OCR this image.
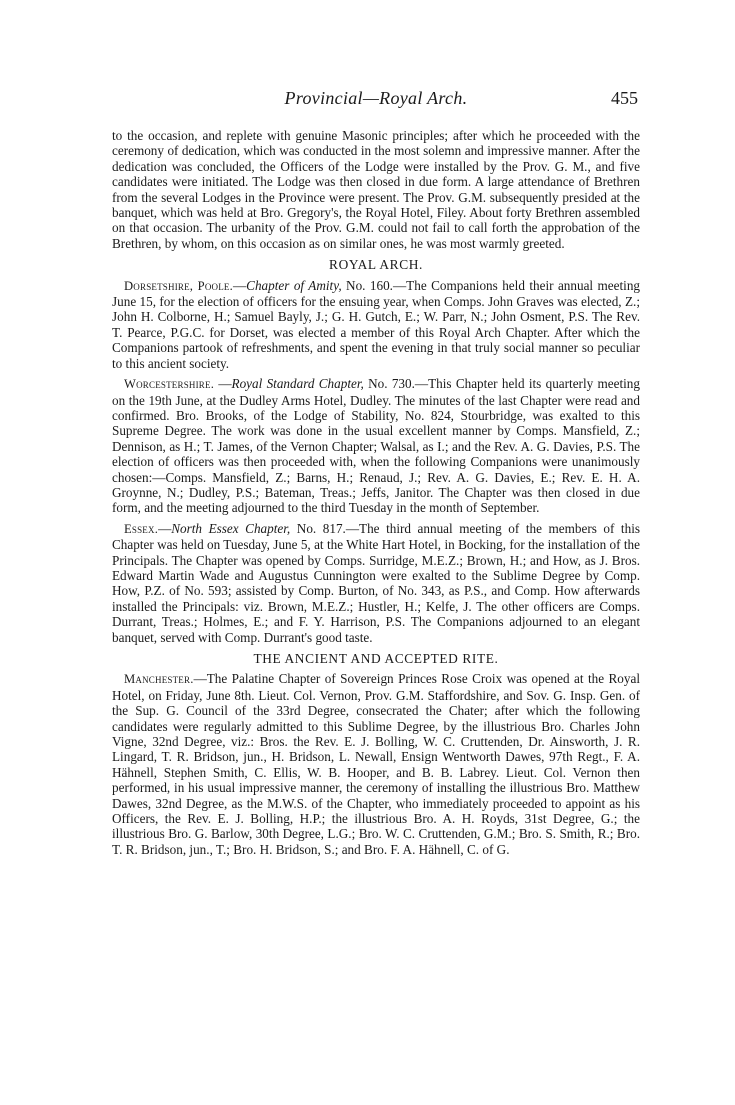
Provincial—Royal Arch.	455

to the occasion, and replete with genuine Masonic principles; after which he proceeded with the ceremony of dedication, which was conducted in the most solemn and impressive manner. After the dedication was concluded, the Officers of the Lodge were installed by the Prov. G. M., and five candidates were initiated. The Lodge was then closed in due form. A large attendance of Brethren from the several Lodges in the Province were present. The Prov. G.M. subsequently presided at the banquet, which was held at Bro. Gregory's, the Royal Hotel, Filey. About forty Brethren assembled on that occasion. The urbanity of the Prov. G.M. could not fail to call forth the approbation of the Brethren, by whom, on this occasion as on similar ones, he was most warmly greeted.

ROYAL ARCH.

Dorsetshire, Poole.—Chapter of Amity, No. 160.—The Companions held their annual meeting June 15, for the election of officers for the ensuing year, when Comps. John Graves was elected, Z.; John H. Colborne, H.; Samuel Bayly, J.; G. H. Gutch, E.; W. Parr, N.; John Osment, P.S. The Rev. T. Pearce, P.G.C. for Dorset, was elected a member of this Royal Arch Chapter. After which the Companions partook of refreshments, and spent the evening in that truly social manner so peculiar to this ancient society.

Worcestershire. —Royal Standard Chapter, No. 730.—This Chapter held its quarterly meeting on the 19th June, at the Dudley Arms Hotel, Dudley. The minutes of the last Chapter were read and confirmed. Bro. Brooks, of the Lodge of Stability, No. 824, Stourbridge, was exalted to this Supreme Degree. The work was done in the usual excellent manner by Comps. Mansfield, Z.; Dennison, as H.; T. James, of the Vernon Chapter; Walsal, as I.; and the Rev. A. G. Davies, P.S. The election of officers was then proceeded with, when the following Companions were unanimously chosen:—Comps. Mansfield, Z.; Barns, H.; Renaud, J.; Rev. A. G. Davies, E.; Rev. E. H. A. Groynne, N.; Dudley, P.S.; Bateman, Treas.; Jeffs, Janitor. The Chapter was then closed in due form, and the meeting adjourned to the third Tuesday in the month of September.

Essex.—North Essex Chapter, No. 817.—The third annual meeting of the members of this Chapter was held on Tuesday, June 5, at the White Hart Hotel, in Bocking, for the installation of the Principals. The Chapter was opened by Comps. Surridge, M.E.Z.; Brown, H.; and How, as J. Bros. Edward Martin Wade and Augustus Cunnington were exalted to the Sublime Degree by Comp. How, P.Z. of No. 593; assisted by Comp. Burton, of No. 343, as P.S., and Comp. How afterwards installed the Principals: viz. Brown, M.E.Z.; Hustler, H.; Kelfe, J. The other officers are Comps. Durrant, Treas.; Holmes, E.; and F. Y. Harrison, P.S. The Companions adjourned to an elegant banquet, served with Comp. Durrant's good taste.

THE ANCIENT AND ACCEPTED RITE.

Manchester.—The Palatine Chapter of Sovereign Princes Rose Croix was opened at the Royal Hotel, on Friday, June 8th. Lieut. Col. Vernon, Prov. G.M. Staffordshire, and Sov. G. Insp. Gen. of the Sup. G. Council of the 33rd Degree, consecrated the Chater; after which the following candidates were regularly admitted to this Sublime Degree, by the illustrious Bro. Charles John Vigne, 32nd Degree, viz.: Bros. the Rev. E. J. Bolling, W. C. Cruttenden, Dr. Ainsworth, J. R. Lingard, T. R. Bridson, jun., H. Bridson, L. Newall, Ensign Wentworth Dawes, 97th Regt., F. A. Hähnell, Stephen Smith, C. Ellis, W. B. Hooper, and B. B. Labrey. Lieut. Col. Vernon then performed, in his usual impressive manner, the ceremony of installing the illustrious Bro. Matthew Dawes, 32nd Degree, as the M.W.S. of the Chapter, who immediately proceeded to appoint as his Officers, the Rev. E. J. Bolling, H.P.; the illustrious Bro. A. H. Royds, 31st Degree, G.; the illustrious Bro. G. Barlow, 30th Degree, L.G.; Bro. W. C. Cruttenden, G.M.; Bro. S. Smith, R.; Bro. T. R. Bridson, jun., T.; Bro. H. Bridson, S.; and Bro. F. A. Hähnell, C. of G.
